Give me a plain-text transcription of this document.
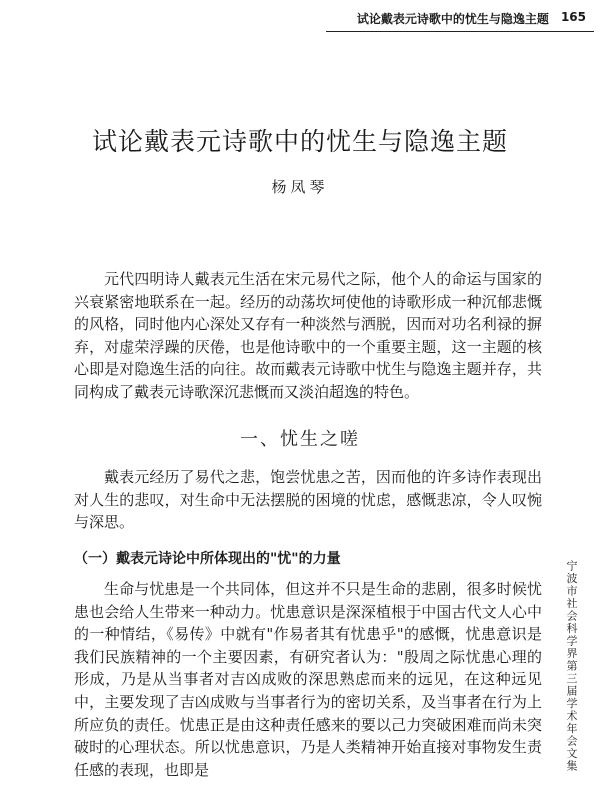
试论戴表元诗歌中的忧生与隐逸主题 165
试论戴表元诗歌中的忧生与隐逸主题
杨凤琴

元代四明诗人戴表元生活在宋元易代之际，他个人的命运与国家的兴衰紧密地联系在一起。经历的动荡坎坷使他的诗歌形成一种沉郁悲慨的风格，同时他内心深处又存有一种淡然与洒脱，因而对功名利禄的摒弃，对虚荣浮躁的厌倦，也是他诗歌中的一个重要主题，这一主题的核心即是对隐逸生活的向往。故而戴表元诗歌中忧生与隐逸主题并存，共同构成了戴表元诗歌深沉悲慨而又淡泊超逸的特色。

一、忧生之嗟

戴表元经历了易代之悲，饱尝忧患之苦，因而他的许多诗作表现出对人生的悲叹，对生命中无法摆脱的困境的忧虑，感慨悲凉，令人叹惋与深思。

（一）戴表元诗论中所体现出的"忧"的力量

生命与忧患是一个共同体，但这并不只是生命的悲剧，很多时候忧患也会给人生带来一种动力。忧患意识是深深植根于中国古代文人心中的一种情结，《易传》中就有"作易者其有忧患乎"的感慨，忧患意识是我们民族精神的一个主要因素，有研究者认为："殷周之际忧患心理的形成，乃是从当事者对吉凶成败的深思熟虑而来的远见，在这种远见中，主要发现了吉凶成败与当事者行为的密切关系，及当事者在行为上所应负的责任。忧患正是由这种责任感来的要以己力突破困难而尚未突破时的心理状态。所以忧患意识，乃是人类精神开始直接对事物发生责任感的表现，也即是	宁波市社会科学界第三届学术年会文集
